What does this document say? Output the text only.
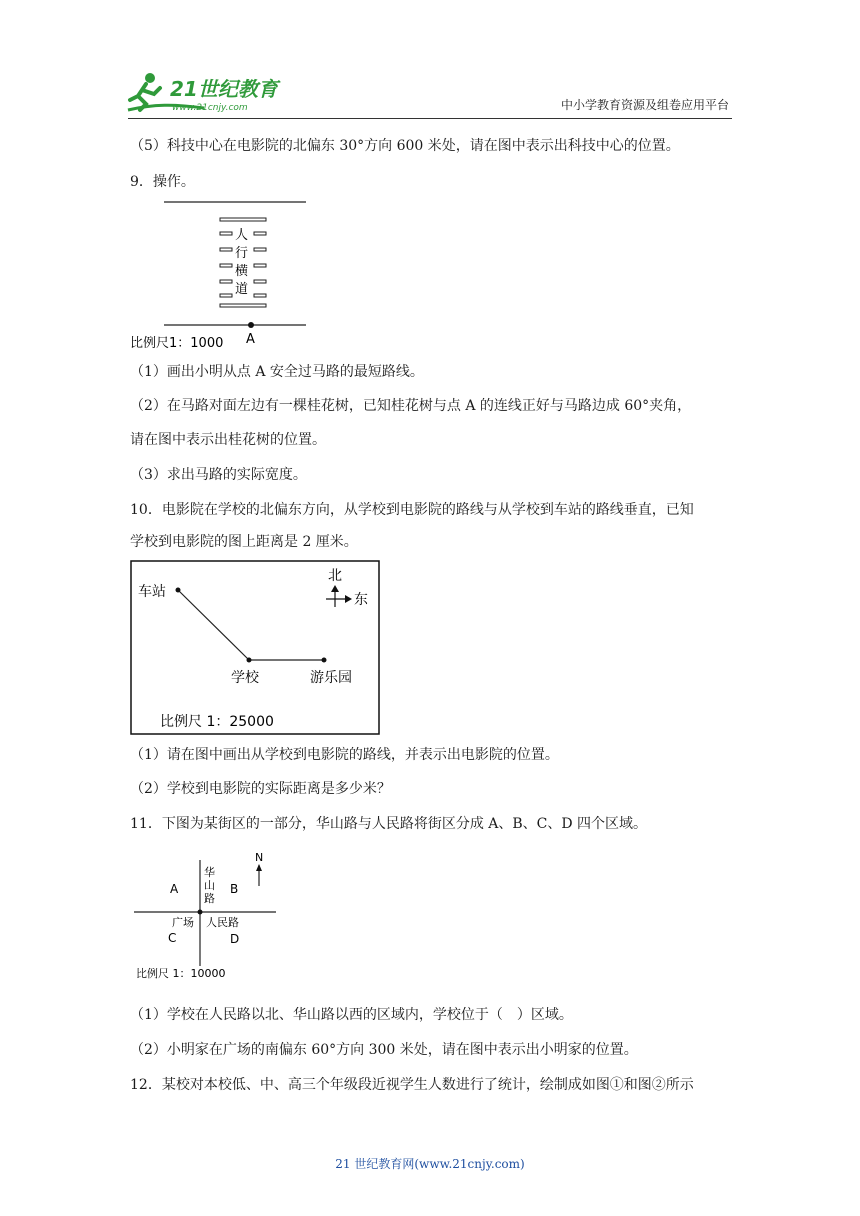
21世纪教育
www.21cnjy.com	中小学教育资源及组卷应用平台
（5）科技中心在电影院的北偏东 30°方向 600 米处，请在图中表示出科技中心的位置。
9．操作。
人
行
横
道
A
比例尺1：1000
（1）画出小明从点 A 安全过马路的最短路线。
（2）在马路对面左边有一棵桂花树，已知桂花树与点 A 的连线正好与马路边成 60°夹角，
请在图中表示出桂花树的位置。
（3）求出马路的实际宽度。
10．电影院在学校的北偏东方向，从学校到电影院的路线与从学校到车站的路线垂直，已知
学校到电影院的图上距离是 2 厘米。
车站
学校	游乐园
北
东
比例尺 1：25000
（1）请在图中画出从学校到电影院的路线，并表示出电影院的位置。
（2）学校到电影院的实际距离是多少米？
11．下图为某街区的一部分，华山路与人民路将街区分成 A、B、C、D 四个区域。
A	B
C	D
华
山
路
广场 人民路
N
比例尺 1：10000
（1）学校在人民路以北、华山路以西的区域内，学校位于（　）区域。
（2）小明家在广场的南偏东 60°方向 300 米处，请在图中表示出小明家的位置。
12．某校对本校低、中、高三个年级段近视学生人数进行了统计，绘制成如图①和图②所示
21 世纪教育网(www.21cnjy.com)
